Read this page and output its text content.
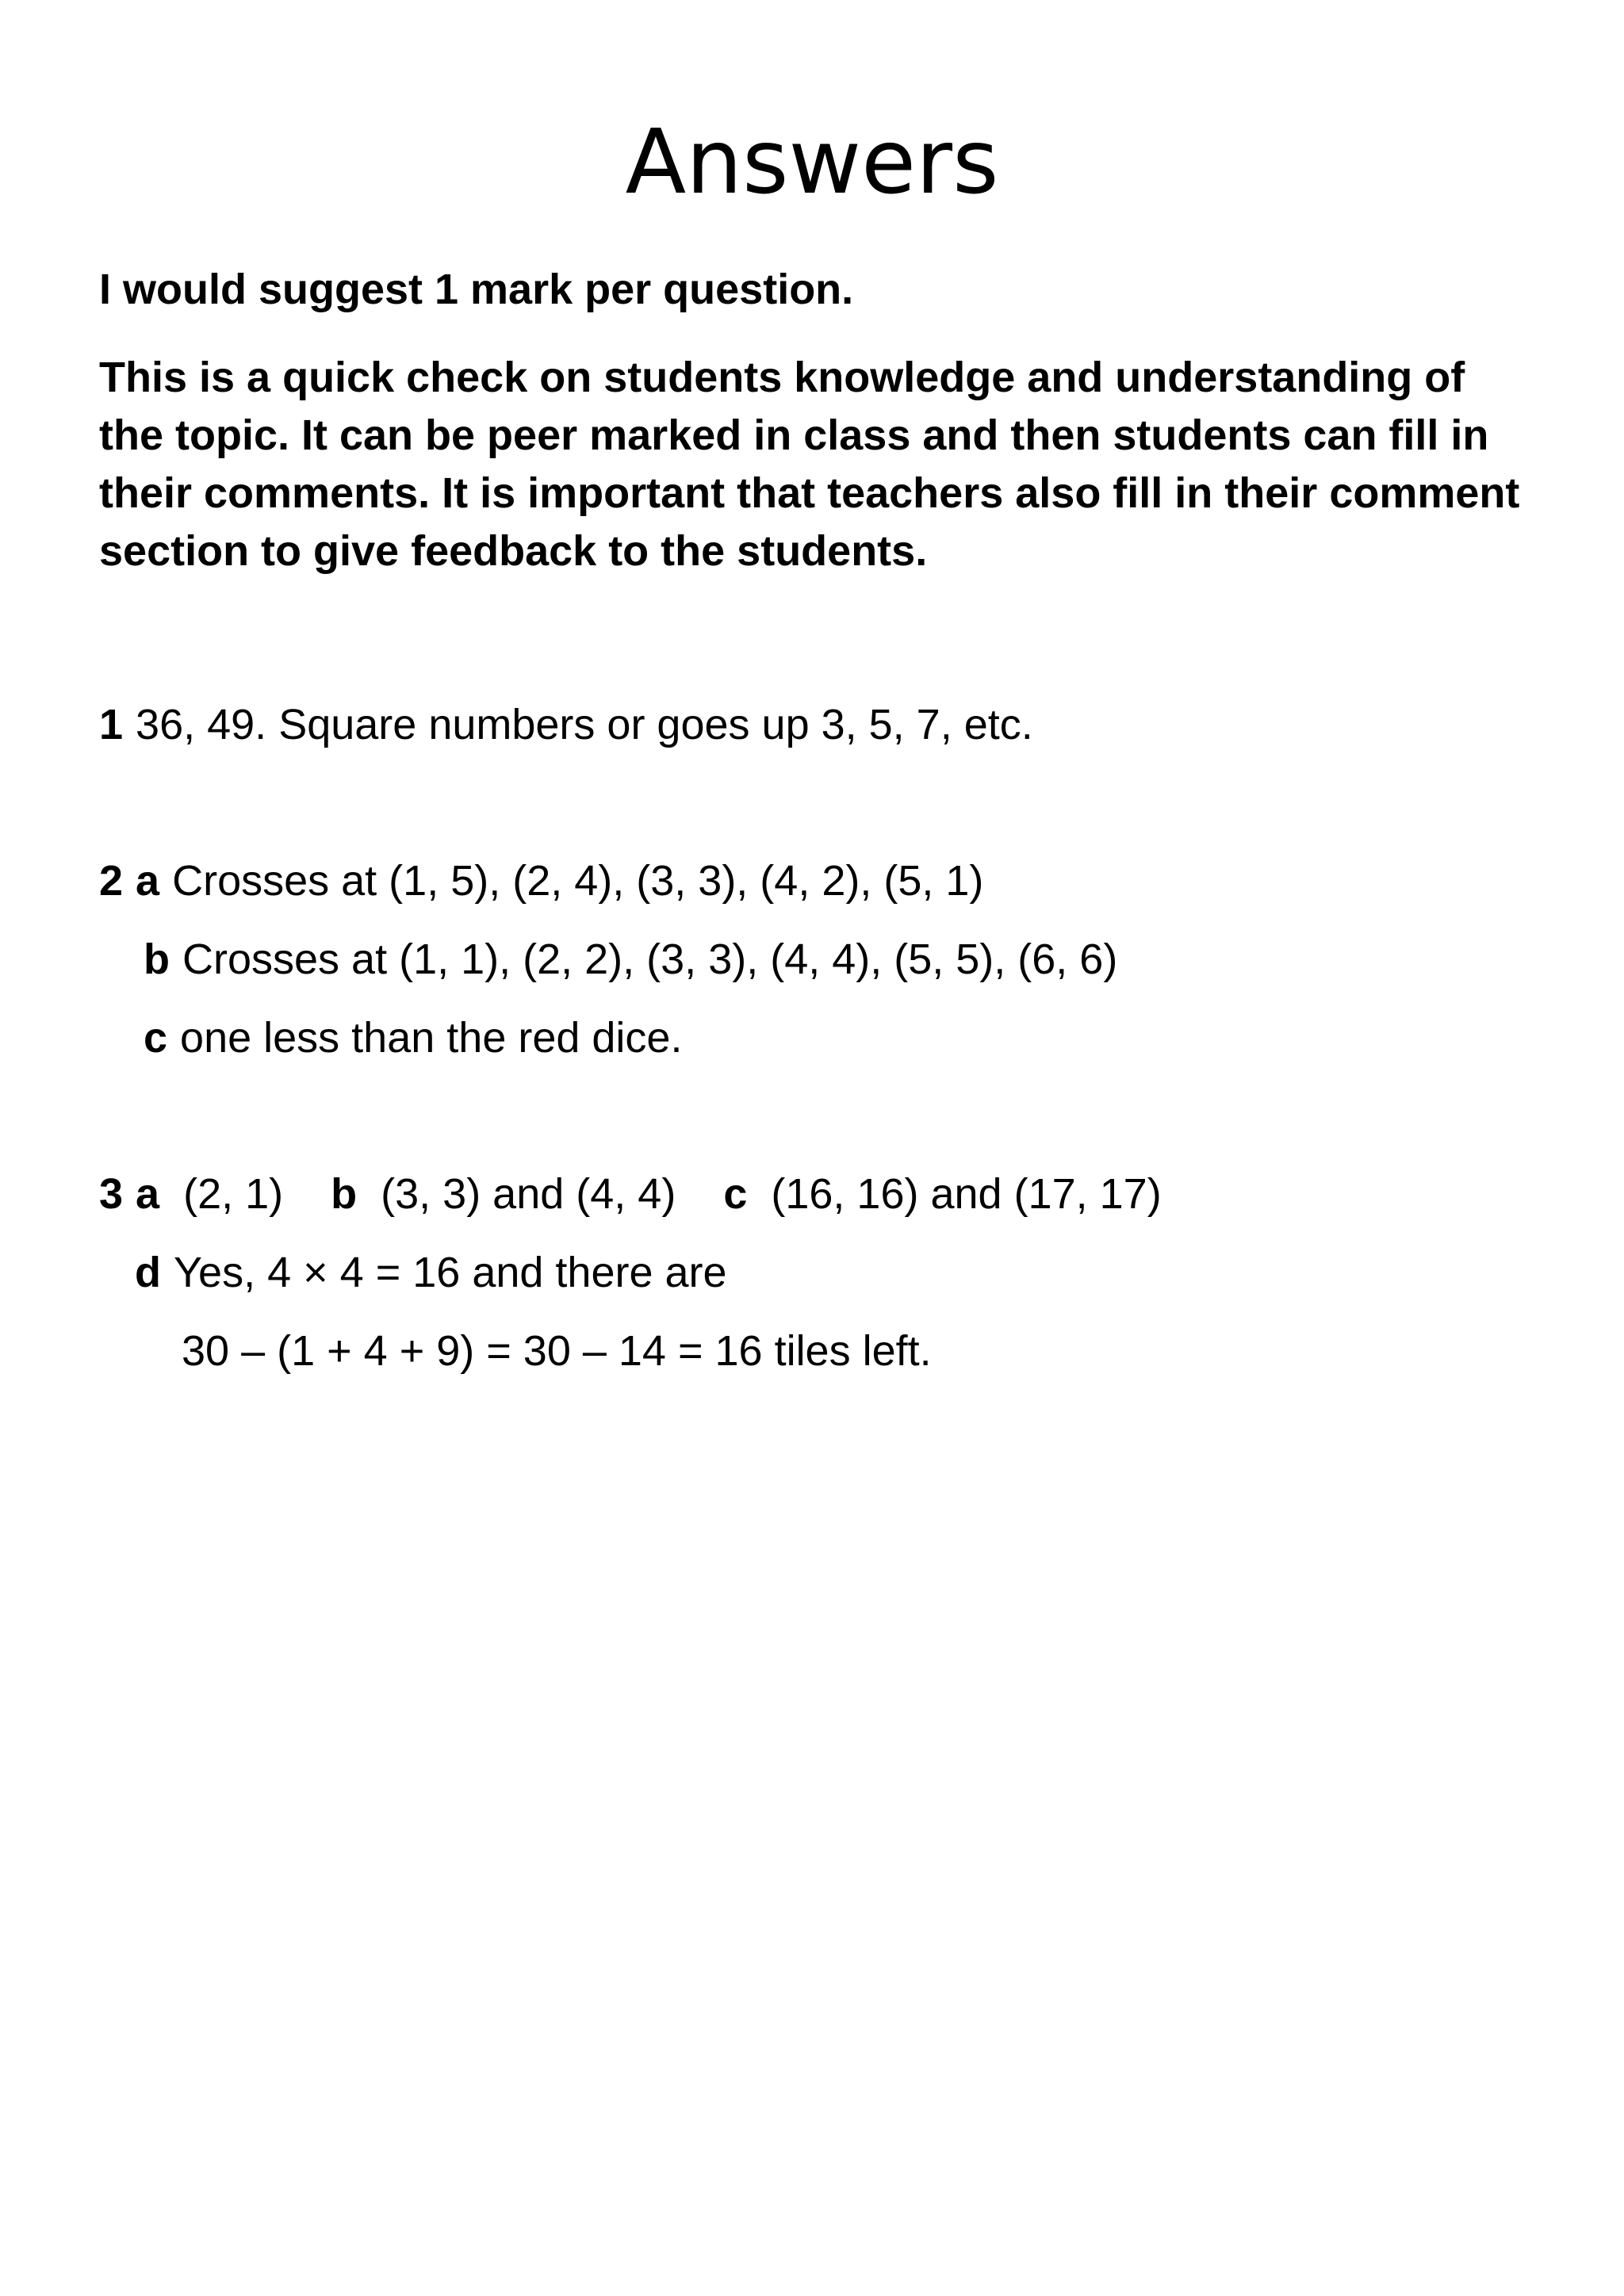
Answers

I would suggest 1 mark per question.

This is a quick check on students knowledge and understanding of the topic. It can be peer marked in class and then students can fill in their comments. It is important that teachers also fill in their comment section to give feedback to the students.

1 36, 49. Square numbers or goes up 3, 5, 7, etc.

2 a Crosses at (1, 5), (2, 4), (3, 3), (4, 2), (5, 1)

b Crosses at (1, 1), (2, 2), (3, 3), (4, 4), (5, 5), (6, 6)

c one less than the red dice.

3 a (2, 1) b (3, 3) and (4, 4) c (16, 16) and (17, 17)

d Yes, 4 × 4 = 16 and there are

30 – (1 + 4 + 9) = 30 – 14 = 16 tiles left.
